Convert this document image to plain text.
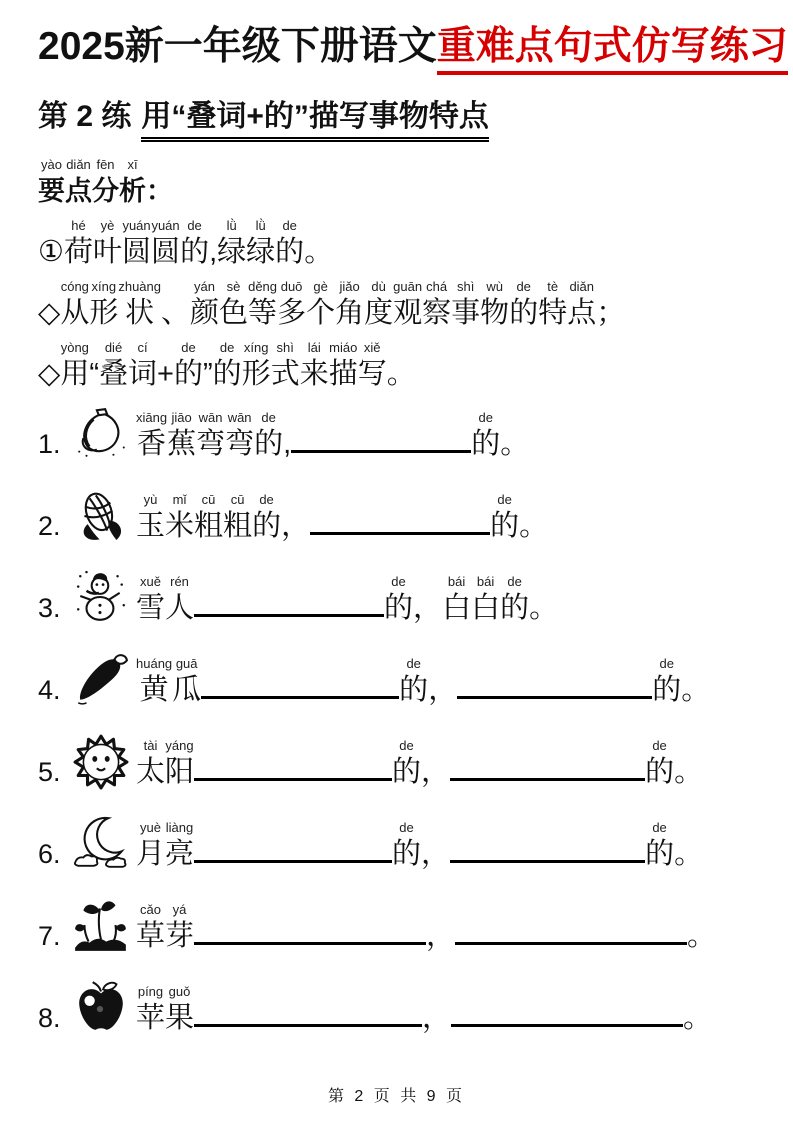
2025新一年级下册语文重难点句式仿写练习
第 2 练 用“叠词+的”描写事物特点
yào
要
diǎn
点
fēn
分
xī
析 ：
①
hé
荷
yè
叶
yuán
圆
yuán
圆
de
的 ,
lǜ
绿
lǜ
绿
de
的 。
◇
cóng
从
xíng
形
zhuàng
状 、
yán
颜
sè
色
děng
等
duō
多
gè
个
jiǎo
角
dù
度
guān
观
chá
察
shì
事
wù
物
de
的
tè
特
diǎn
点 ；
◇
yòng
用 “
dié
叠
cí
词 +
de
的 ”
de
的
xíng
形
shì
式
lái
来
miáo
描
xiě
写 。
1.
xiāng
香
jiāo
蕉
wān
弯
wān
弯
de
的 ,
de
的 。
2.
yù
玉
mǐ
米
cū
粗
cū
粗
de
的 ，
de
的 。
3.
xuě
雪
rén
人
de
的 ，
bái
白
bái
白
de
的 。
4.
huáng
黄
guā
瓜
de
的 ，
de
的 。
5.
tài
太
yáng
阳
de
的 ，
de
的 。
6.
yuè
月
liàng
亮
de
的 ，
de
的 。
7.
cǎo
草
yá
芽	，	。
8.
píng
苹
guǒ
果	，	。
第 2 页 共 9 页
